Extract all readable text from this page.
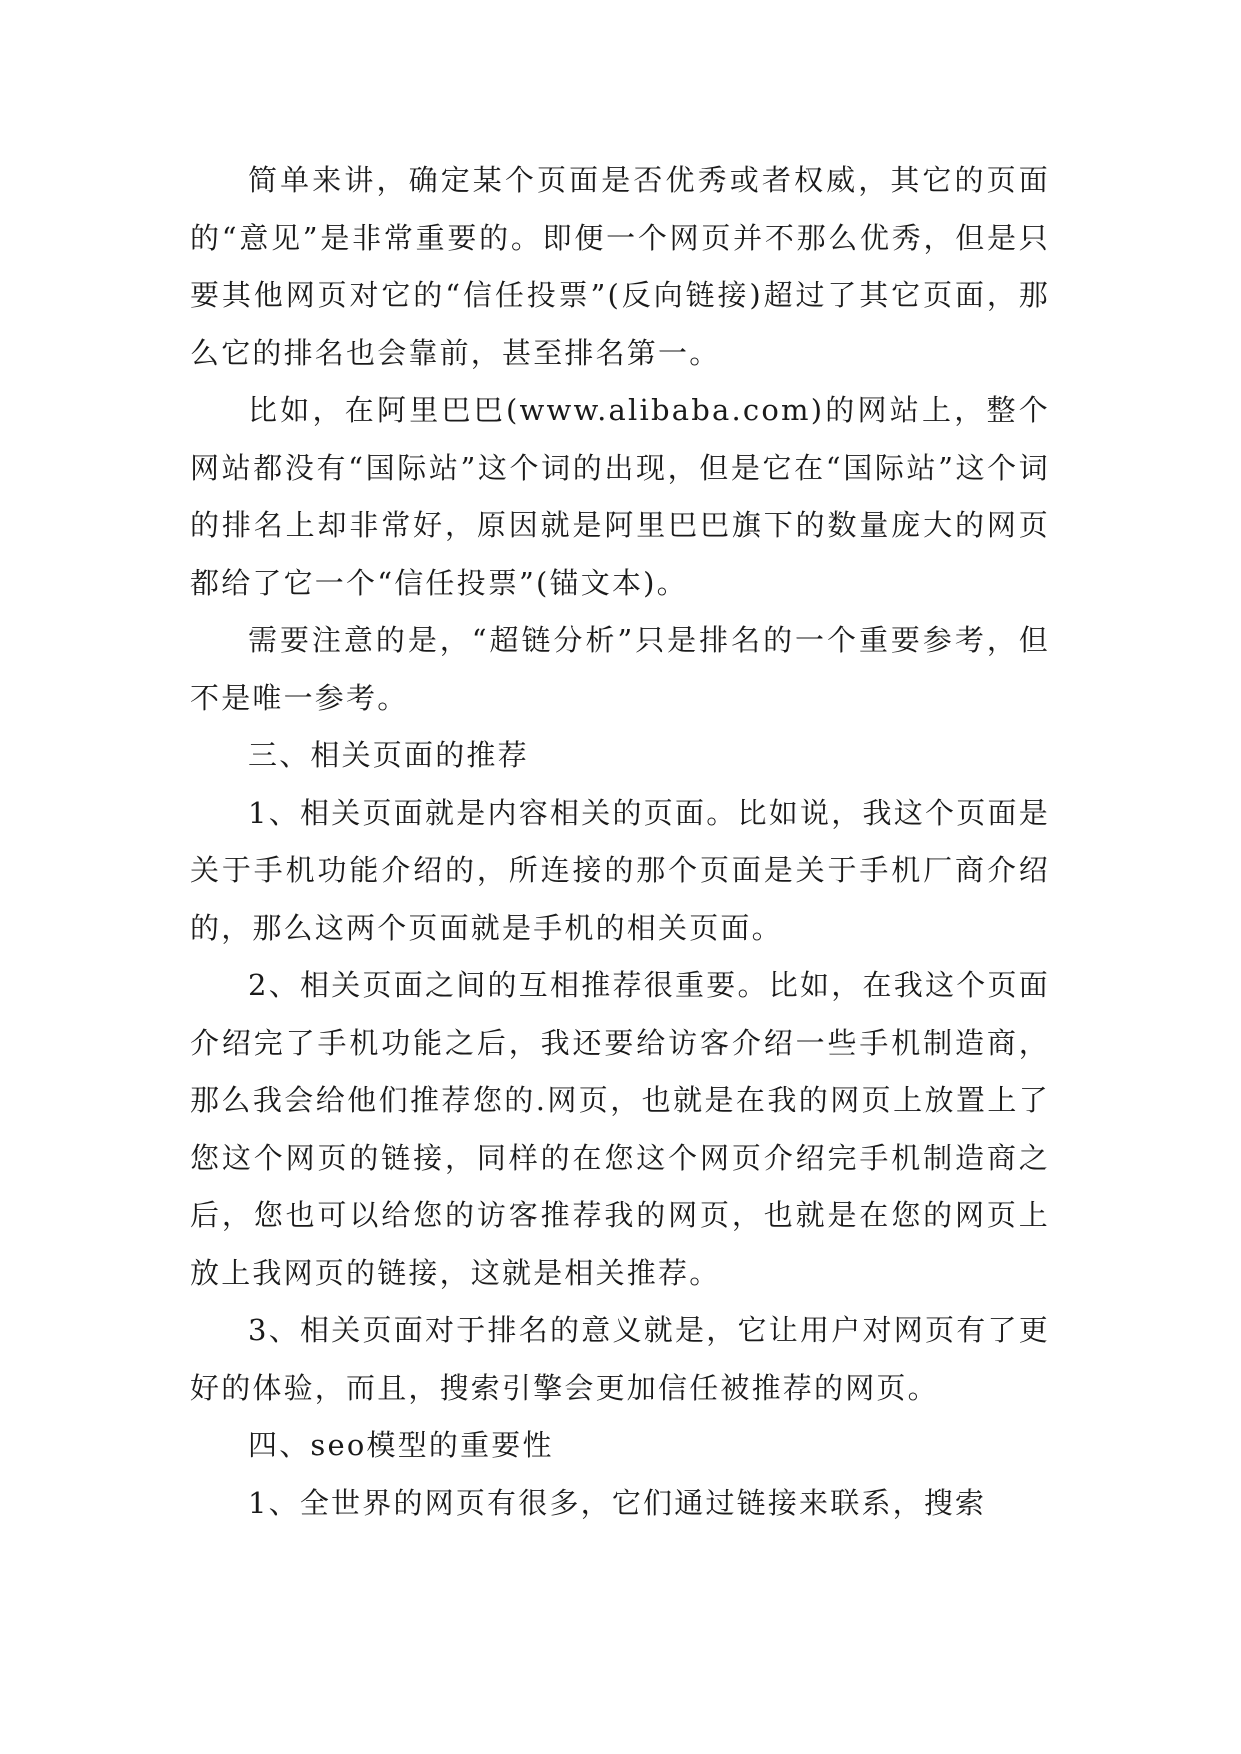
简单来讲，确定某个页面是否优秀或者权威，其它的页面的“意见”是非常重要的。即便一个网页并不那么优秀，但是只要其他网页对它的“信任投票”(反向链接)超过了其它页面，那么它的排名也会靠前，甚至排名第一。

比如，在阿里巴巴(www.alibaba.com)的网站上，整个网站都没有“国际站”这个词的出现，但是它在“国际站”这个词的排名上却非常好，原因就是阿里巴巴旗下的数量庞大的网页都给了它一个“信任投票”(锚文本)。

需要注意的是，“超链分析”只是排名的一个重要参考，但不是唯一参考。

三、相关页面的推荐

1、相关页面就是内容相关的页面。比如说，我这个页面是关于手机功能介绍的，所连接的那个页面是关于手机厂商介绍的，那么这两个页面就是手机的相关页面。

2、相关页面之间的互相推荐很重要。比如，在我这个页面介绍完了手机功能之后，我还要给访客介绍一些手机制造商，那么我会给他们推荐您的.网页，也就是在我的网页上放置上了您这个网页的链接，同样的在您这个网页介绍完手机制造商之后，您也可以给您的访客推荐我的网页，也就是在您的网页上放上我网页的链接，这就是相关推荐。

3、相关页面对于排名的意义就是，它让用户对网页有了更好的体验，而且，搜索引擎会更加信任被推荐的网页。

四、seo模型的重要性

1、全世界的网页有很多，它们通过链接来联系，搜索
